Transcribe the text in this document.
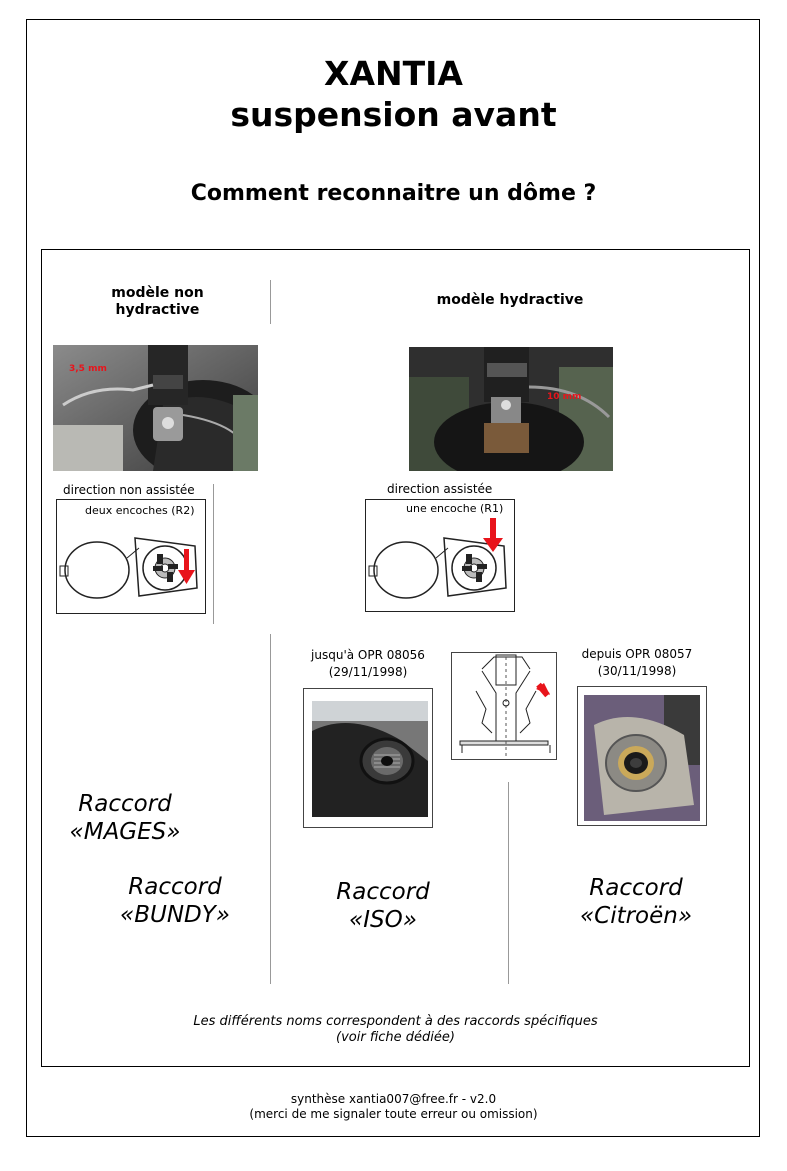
XANTIA
suspension avant
Comment reconnaitre un dôme ?
modèle non
hydractive
modèle hydractive
3,5 mm
10 mm
direction non assistée	direction assistée
deux encoches (R2)	une encoche (R1)
jusqu'à OPR 08056
(29/11/1998)
depuis OPR 08057
(30/11/1998)
Raccord
«MAGES»
Raccord
«BUNDY»
Raccord
«ISO»
Raccord
«Citroën»
Les différents noms correspondent à des raccords spécifiques
(voir fiche dédiée)
synthèse xantia007@free.fr - v2.0
(merci de me signaler toute erreur ou omission)
